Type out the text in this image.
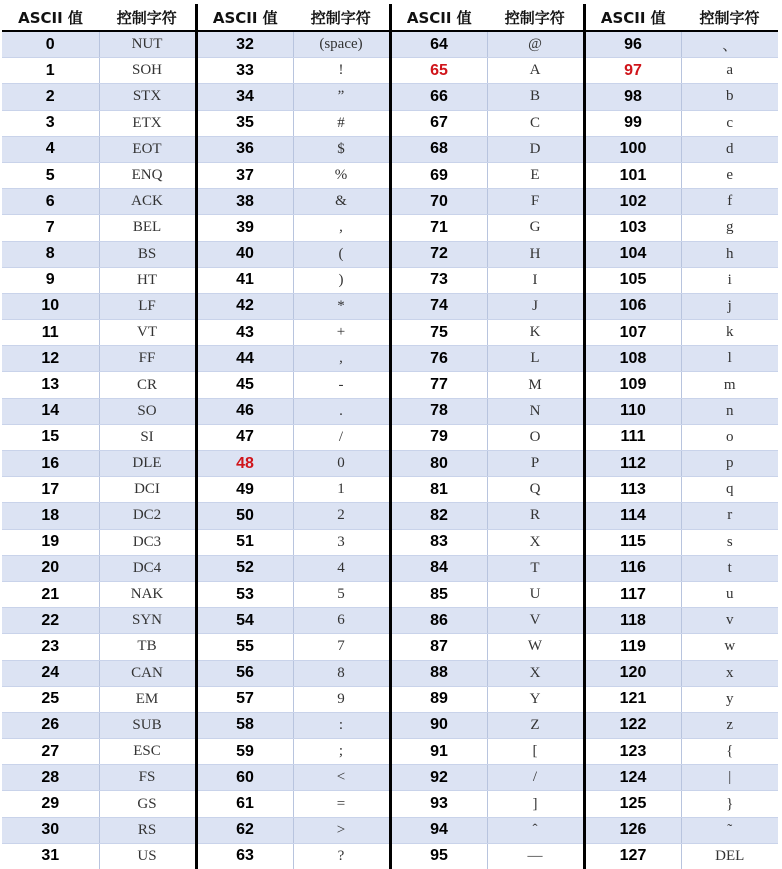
ASCII 值	控制字符	ASCII 值	控制字符	ASCII 值	控制字符	ASCII 值	控制字符
0	NUT	32	(space)	64	@	96	、
1	SOH	33	!	65	A	97	a
2	STX	34	”	66	B	98	b
3	ETX	35	#	67	C	99	c
4	EOT	36	$	68	D	100	d
5	ENQ	37	%	69	E	101	e
6	ACK	38	&	70	F	102	f
7	BEL	39	,	71	G	103	g
8	BS	40	(	72	H	104	h
9	HT	41	)	73	I	105	i
10	LF	42	*	74	J	106	j
11	VT	43	+	75	K	107	k
12	FF	44	,	76	L	108	l
13	CR	45	-	77	M	109	m
14	SO	46	.	78	N	110	n
15	SI	47	/	79	O	111	o
16	DLE	48	0	80	P	112	p
17	DCI	49	1	81	Q	113	q
18	DC2	50	2	82	R	114	r
19	DC3	51	3	83	X	115	s
20	DC4	52	4	84	T	116	t
21	NAK	53	5	85	U	117	u
22	SYN	54	6	86	V	118	v
23	TB	55	7	87	W	119	w
24	CAN	56	8	88	X	120	x
25	EM	57	9	89	Y	121	y
26	SUB	58	:	90	Z	122	z
27	ESC	59	;	91	[	123	{
28	FS	60	<	92	/	124	|
29	GS	61	=	93	]	125	}
30	RS	62	>	94	ˆ	126	˜
31	US	63	?	95	—	127	DEL
